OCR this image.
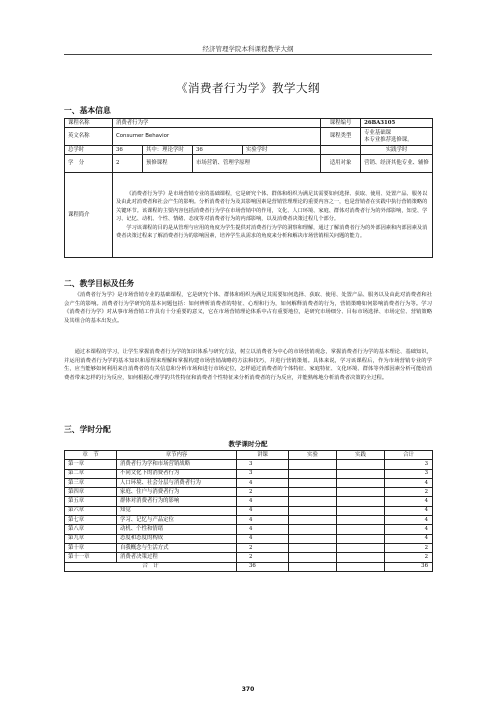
经济管理学院本科课程教学大纲
《消费者行为学》教学大纲
一、基本信息
课程名称	消费者行为学				课程编号	26BA3105
英文名称	Consumer Behavior				课程类型	专业基础课
本专业推荐选修课。

总学时	36	其中：理论学时	36	实验学时		实践学时
学　分	2	预修课程	市场营销、管理学原理		适用对象	营销、经济其他专业、辅修
课程简介	《消费者行为学》是市场营销专业的基础课程，它是研究个体、群体和组织为满足其需要如何选择、获取、使用、处置产品、服务以及由此对消费者和社会产生的影响。分析消费者行为及其影响因素是营销管理理论的重要内容之一，也是营销者在实践中执行营销策略的关键环节。该课程的主要内容包括消费者行为学在市场营销中的作用，文化、人口环境、家庭、群体对消费者行为的外部影响，知觉、学习、记忆、动机、个性、情绪、态度等对消费者行为的内部影响，以及消费者决策过程几个部分。

学习该课程的目的是从管理与应用的角度为学生提供对消费者行为学的洞察和理解，通过了解消费者行为的外部因素和内部因素及消费者决策过程来了解消费者行为的影响因素，培养学生从需求的角度来分析和解决市场营销相关问题的能力。					

二、教学目标及任务

《消费者行为学》是市场营销专业的基础课程，它是研究个体、群体和组织为满足其需要如何选择、获取、使用、处置产品、服务以及由此对消费者和社会产生的影响。消费者行为学研究的基本问题包括：如何辨析消费者的特征、心理和行为，如何解释消费者的行为，营销策略如何影响消费者行为等。学习《消费者行为学》对从事市场营销工作具有十分重要的意义，它在市场营销理论体系中占有重要地位，是研究市场细分、目标市场选择、市场定位、营销策略及其组合的基本出发点。

通过本课程的学习，让学生掌握消费者行为学的知识体系与研究方法，树立以消费者为中心的市场营销观念，掌握消费者行为学的基本理论、基础知识，并运用消费者行为学的基本知识和原理来理解和掌握构建市场营销战略的方法和技巧，并进行营销策划。具体来说，学习该课程后，作为市场营销专业的学生，应当能够如何利用来自消费者的有关信息和分析市场和进行市场定位，怎样通过消费者的个体特征、家庭特征、文化环境、群体等外部因素分析可能给消费者带来怎样的行为反应，如何根据心理学的共性特征和消费者个性特征来分析消费者的行为反应，并能熟练地分析消费者决策的全过程。

三、学时分配
教学课时分配
章　节	章节内容	讲课	实验	实践	合计
第一章	消费者行为学和市场营销战略	3			3
第二章	不同文化下的消费者行为	3			3
第三章	人口环境、社会分层与消费者行为	4			4
第四章	家庭、住户与消费者行为	2			2
第五章	群体对消费者行为的影响	4			4
第六章	知觉	4			4
第七章	学习、记忆与产品定位	4			4
第八章	动机、个性和情绪	4			4
第九章	态度和态度的构成	4			4
第十章	自我概念与生活方式	2			2
第十一章	消费者决策过程	2			2
合　计		36			36
370
